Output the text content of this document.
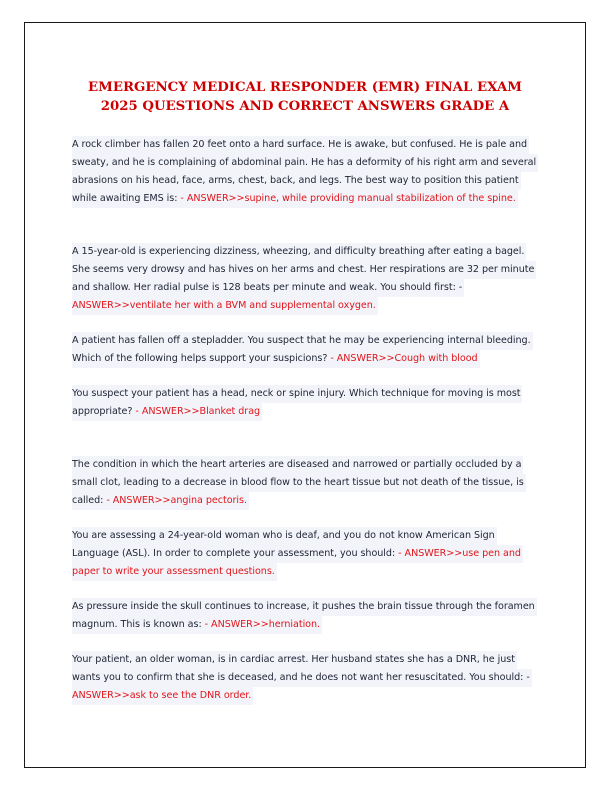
EMERGENCY MEDICAL RESPONDER (EMR) FINAL EXAM
2025 QUESTIONS AND CORRECT ANSWERS GRADE A

A rock climber has fallen 20 feet onto a hard surface. He is awake, but confused. He is pale and
sweaty, and he is complaining of abdominal pain. He has a deformity of his right arm and several
abrasions on his head, face, arms, chest, back, and legs. The best way to position this patient
while awaiting EMS is: - ANSWER>>supine, while providing manual stabilization of the spine.

A 15-year-old is experiencing dizziness, wheezing, and difficulty breathing after eating a bagel.
She seems very drowsy and has hives on her arms and chest. Her respirations are 32 per minute
and shallow. Her radial pulse is 128 beats per minute and weak. You should first: -
ANSWER>>ventilate her with a BVM and supplemental oxygen.

A patient has fallen off a stepladder. You suspect that he may be experiencing internal bleeding.
Which of the following helps support your suspicions? - ANSWER>>Cough with blood

You suspect your patient has a head, neck or spine injury. Which technique for moving is most
appropriate? - ANSWER>>Blanket drag

The condition in which the heart arteries are diseased and narrowed or partially occluded by a
small clot, leading to a decrease in blood flow to the heart tissue but not death of the tissue, is
called: - ANSWER>>angina pectoris.

You are assessing a 24-year-old woman who is deaf, and you do not know American Sign
Language (ASL). In order to complete your assessment, you should: - ANSWER>>use pen and
paper to write your assessment questions.

As pressure inside the skull continues to increase, it pushes the brain tissue through the foramen
magnum. This is known as: - ANSWER>>herniation.

Your patient, an older woman, is in cardiac arrest. Her husband states she has a DNR, he just
wants you to confirm that she is deceased, and he does not want her resuscitated. You should: -
ANSWER>>ask to see the DNR order.
